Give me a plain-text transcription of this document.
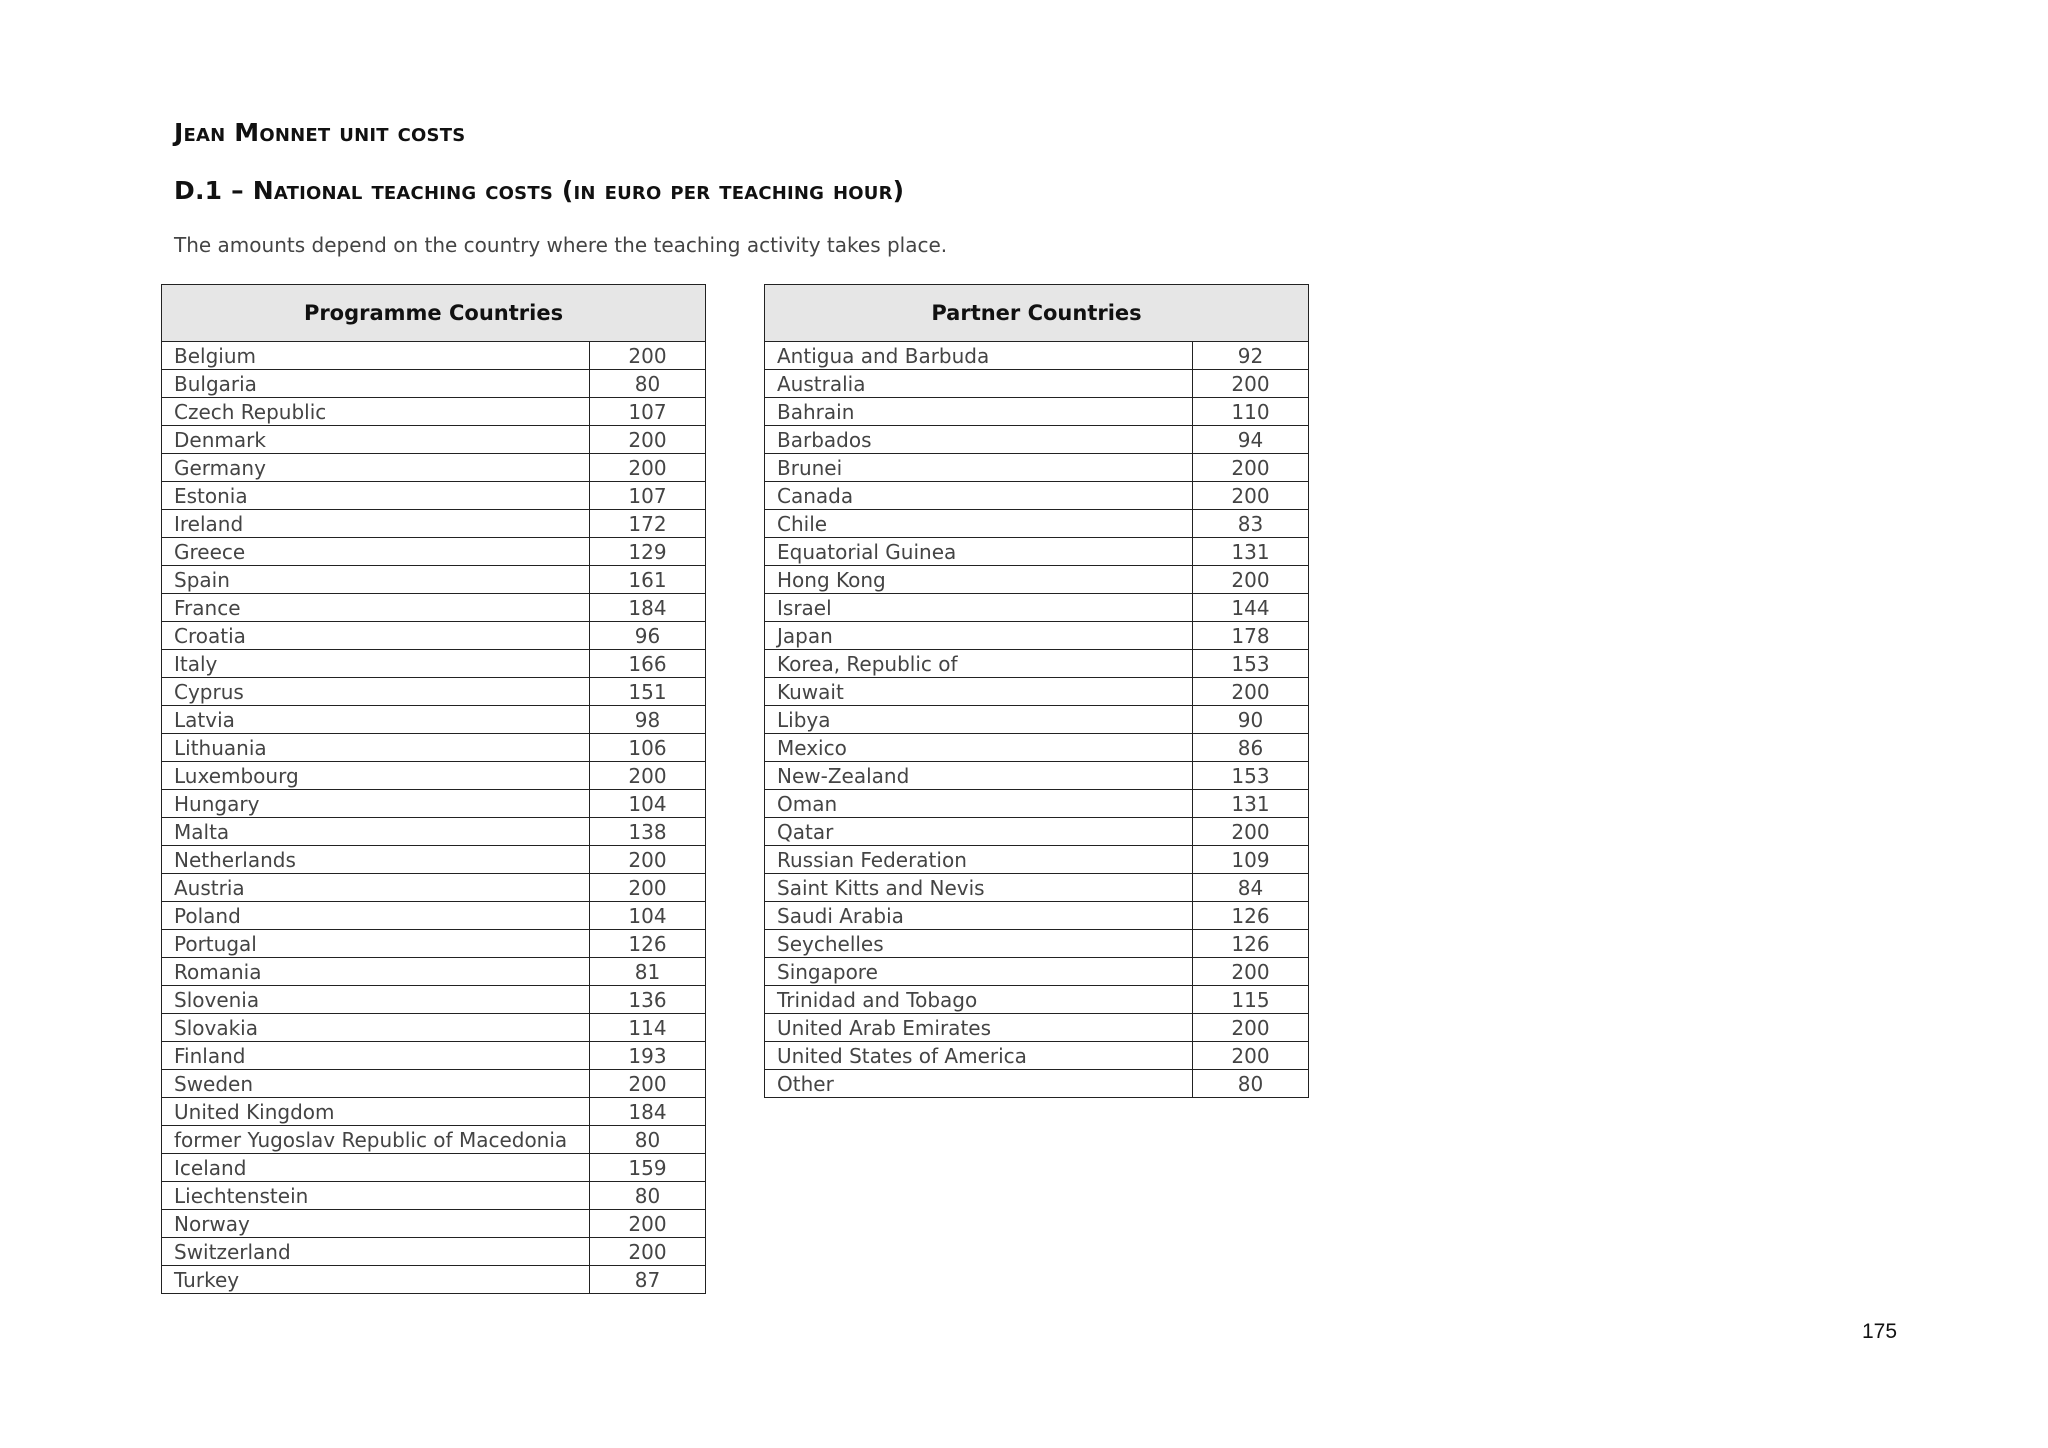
Jean Monnet unit costs
D.1 – National teaching costs (in euro per teaching hour)
The amounts depend on the country where the teaching activity takes place.
Programme Countries	
Belgium	200
Bulgaria	80
Czech Republic	107
Denmark	200
Germany	200
Estonia	107
Ireland	172
Greece	129
Spain	161
France	184
Croatia	96
Italy	166
Cyprus	151
Latvia	98
Lithuania	106
Luxembourg	200
Hungary	104
Malta	138
Netherlands	200
Austria	200
Poland	104
Portugal	126
Romania	81
Slovenia	136
Slovakia	114
Finland	193
Sweden	200
United Kingdom	184
former Yugoslav Republic of Macedonia	80
Iceland	159
Liechtenstein	80
Norway	200
Switzerland	200
Turkey	87
Partner Countries	
Antigua and Barbuda	92
Australia	200
Bahrain	110
Barbados	94
Brunei	200
Canada	200
Chile	83
Equatorial Guinea	131
Hong Kong	200
Israel	144
Japan	178
Korea, Republic of	153
Kuwait	200
Libya	90
Mexico	86
New-Zealand	153
Oman	131
Qatar	200
Russian Federation	109
Saint Kitts and Nevis	84
Saudi Arabia	126
Seychelles	126
Singapore	200
Trinidad and Tobago	115
United Arab Emirates	200
United States of America	200
Other	80
175
